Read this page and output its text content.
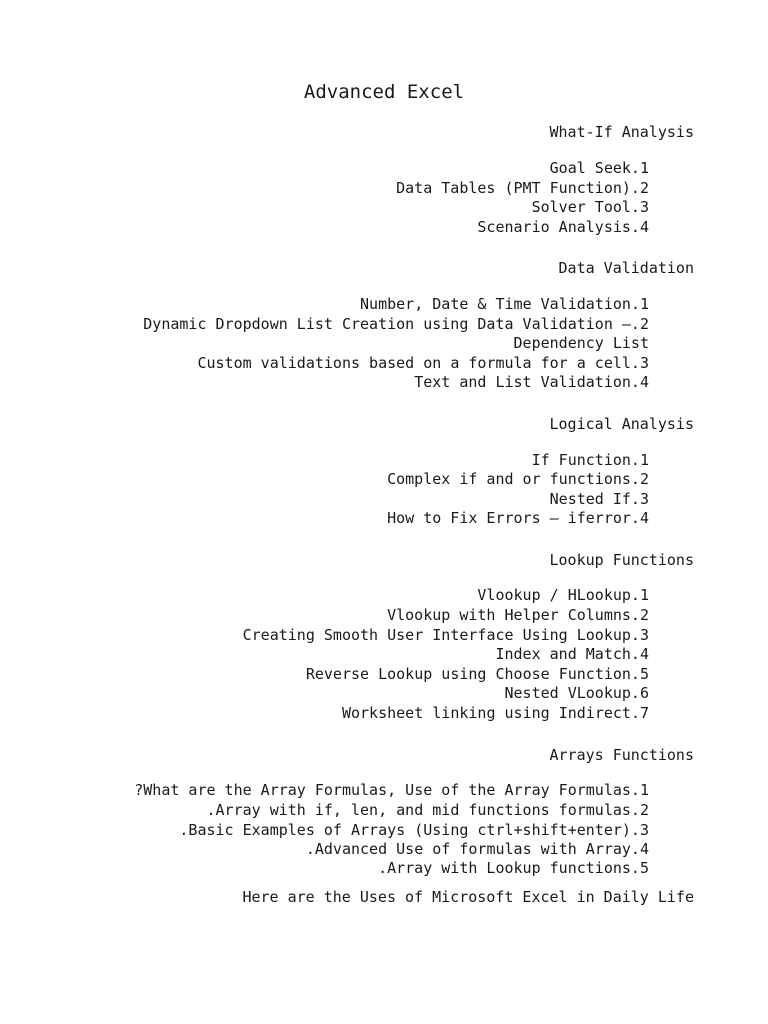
Advanced Excel
What-If Analysis
Goal Seek.1
Data Tables (PMT Function).2
Solver Tool.3
Scenario Analysis.4
Data Validation
Number, Date & Time Validation.1
Dynamic Dropdown List Creation using Data Validation –.2
Dependency List
Custom validations based on a formula for a cell.3
Text and List Validation.4
Logical Analysis
If Function.1
Complex if and or functions.2
Nested If.3
How to Fix Errors – iferror.4
Lookup Functions
Vlookup / HLookup.1
Vlookup with Helper Columns.2
Creating Smooth User Interface Using Lookup.3
Index and Match.4
Reverse Lookup using Choose Function.5
Nested VLookup.6
Worksheet linking using Indirect.7
Arrays Functions
?What are the Array Formulas, Use of the Array Formulas.1
.Array with if, len, and mid functions formulas.2
.Basic Examples of Arrays (Using ctrl+shift+enter).3
.Advanced Use of formulas with Array.4
.Array with Lookup functions.5
Here are the Uses of Microsoft Excel in Daily Life
